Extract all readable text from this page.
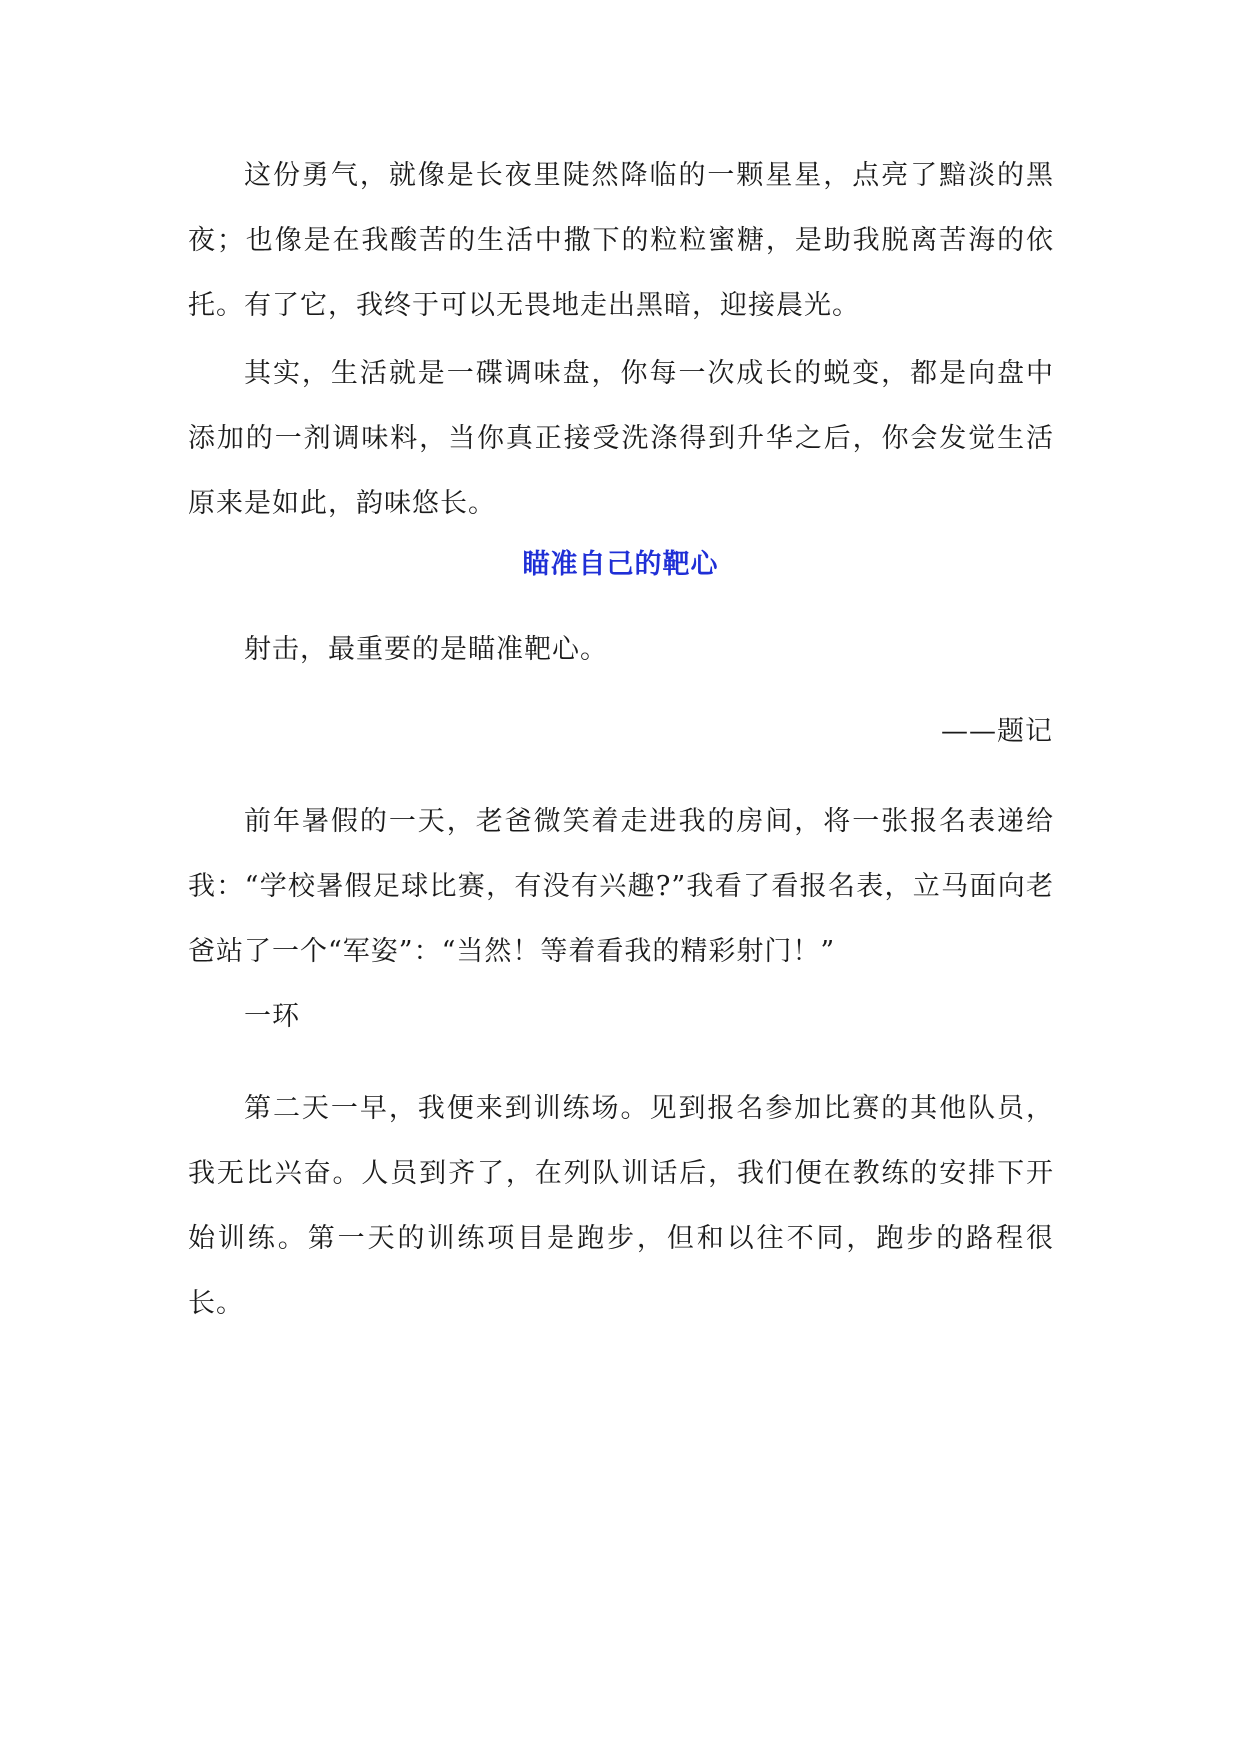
这份勇气，就像是长夜里陡然降临的一颗星星，点亮了黯淡的黑夜；也像是在我酸苦的生活中撒下的粒粒蜜糖，是助我脱离苦海的依托。有了它，我终于可以无畏地走出黑暗，迎接晨光。

其实，生活就是一碟调味盘，你每一次成长的蜕变，都是向盘中添加的一剂调味料，当你真正接受洗涤得到升华之后，你会发觉生活原来是如此，韵味悠长。

瞄准自己的靶心

射击，最重要的是瞄准靶心。

——题记

前年暑假的一天，老爸微笑着走进我的房间，将一张报名表递给我：“学校暑假足球比赛，有没有兴趣?”我看了看报名表，立马面向老爸站了一个“军姿”：“当然！等着看我的精彩射门！”

一环

第二天一早，我便来到训练场。见到报名参加比赛的其他队员，我无比兴奋。人员到齐了，在列队训话后，我们便在教练的安排下开始训练。第一天的训练项目是跑步，但和以往不同，跑步的路程很长。
